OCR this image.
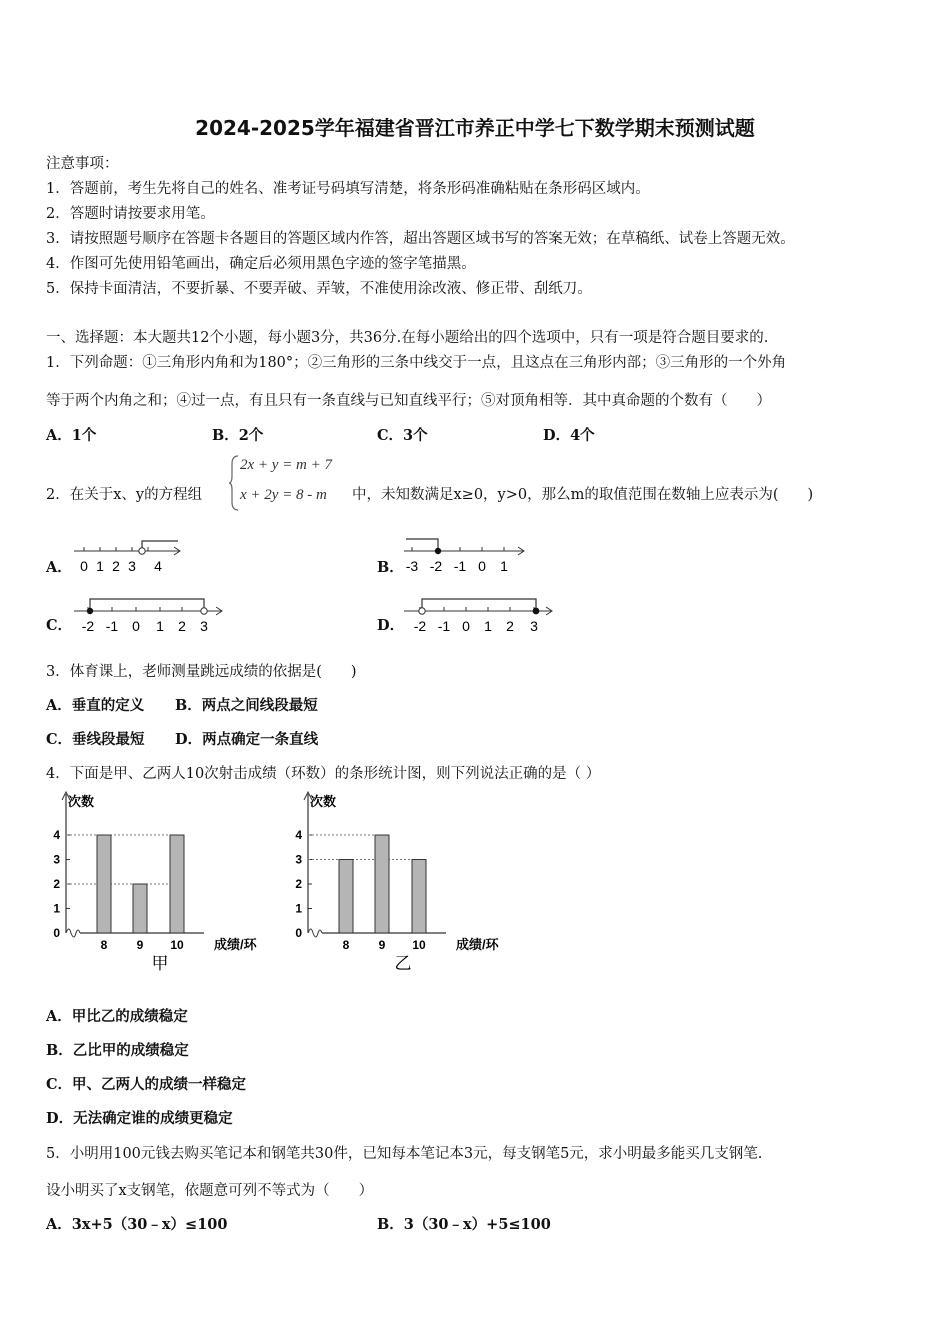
2024-2025学年福建省晋江市养正中学七下数学期末预测试题
注意事项：
1．答题前，考生先将自己的姓名、准考证号码填写清楚，将条形码准确粘贴在条形码区域内。
2．答题时请按要求用笔。
3．请按照题号顺序在答题卡各题目的答题区域内作答，超出答题区域书写的答案无效；在草稿纸、试卷上答题无效。
4．作图可先使用铅笔画出，确定后必须用黑色字迹的签字笔描黑。
5．保持卡面清洁，不要折暴、不要弄破、弄皱，不准使用涂改液、修正带、刮纸刀。
一、选择题：本大题共12个小题，每小题3分，共36分.在每小题给出的四个选项中，只有一项是符合题目要求的.
1．下列命题：①三角形内角和为180°；②三角形的三条中线交于一点，且这点在三角形内部；③三角形的一个外角
等于两个内角之和；④过一点，有且只有一条直线与已知直线平行；⑤对顶角相等．其中真命题的个数有（　　）
A．1个	B．2个	C．3个	D．4个
2．在关于x、y的方程组
2x + y = m + 7
x + 2y = 8 - m 中，未知数满足x≥0，y>0，那么m的取值范围在数轴上应表示为(　　)
A．	B．
C．	D．
0 1 2 3 4	-3 -2 -1 0 1
-2 -1 0 1 2 3	-2 -1 0 1 2 3
3．体育课上，老师测量跳远成绩的依据是(　　)
A．垂直的定义 B．两点之间线段最短
C．垂线段最短 D．两点确定一条直线
4．下面是甲、乙两人10次射击成绩（环数）的条形统计图，则下列说法正确的是（ ）
次数
0
1
2
3
4
8 9 10 成绩/环
甲
次数
0
1
2
3
4
8 9 10 成绩/环
乙
A．甲比乙的成绩稳定
B．乙比甲的成绩稳定
C．甲、乙两人的成绩一样稳定
D．无法确定谁的成绩更稳定
5．小明用100元钱去购买笔记本和钢笔共30件，已知每本笔记本3元，每支钢笔5元，求小明最多能买几支钢笔.
设小明买了x支钢笔，依题意可列不等式为（　　）
A．3x+5（30﹣x）≤100	B．3（30﹣x）+5≤100
